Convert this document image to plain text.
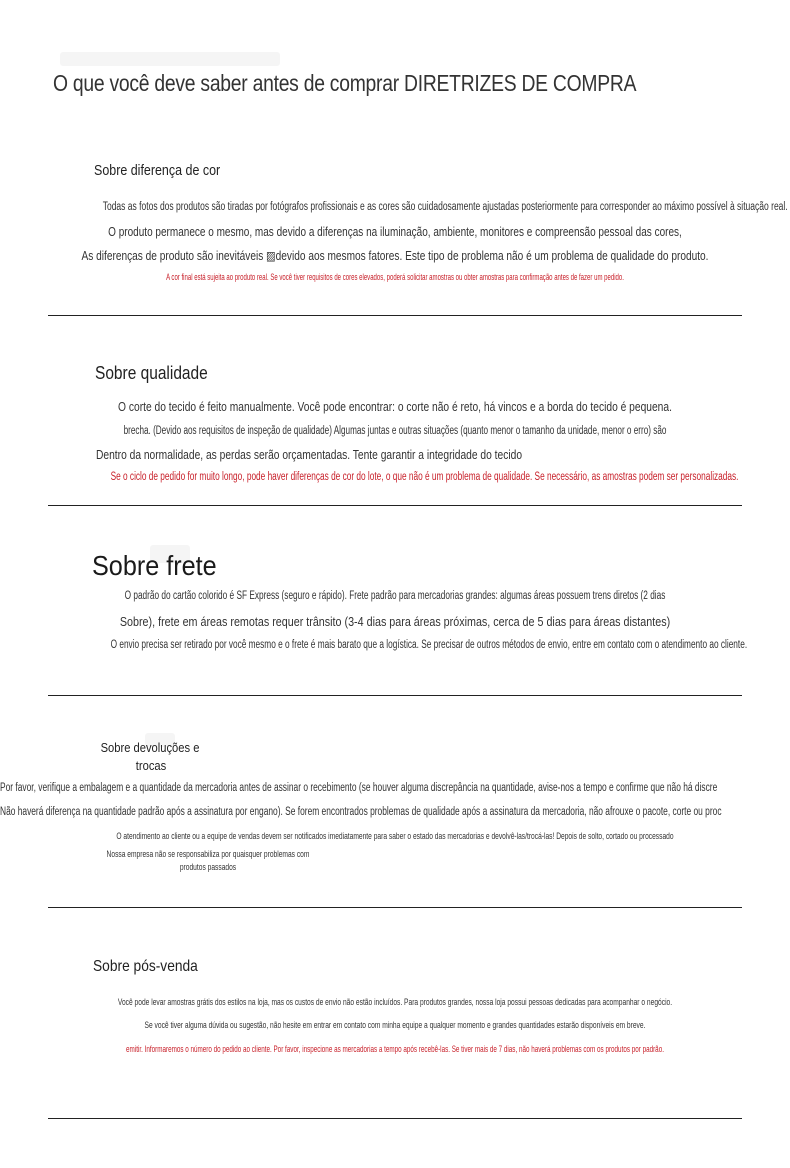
O que você deve saber antes de comprar DIRETRIZES DE COMPRA
Sobre diferença de cor
Todas as fotos dos produtos são tiradas por fotógrafos profissionais e as cores são cuidadosamente ajustadas posteriormente para corresponder ao máximo possível à situação real.
O produto permanece o mesmo, mas devido a diferenças na iluminação, ambiente, monitores e compreensão pessoal das cores,
As diferenças de produto são inevitáveis ▨devido aos mesmos fatores. Este tipo de problema não é um problema de qualidade do produto.
A cor final está sujeita ao produto real. Se você tiver requisitos de cores elevados, poderá solicitar amostras ou obter amostras para confirmação antes de fazer um pedido.
Sobre qualidade
O corte do tecido é feito manualmente. Você pode encontrar: o corte não é reto, há vincos e a borda do tecido é pequena.
brecha. (Devido aos requisitos de inspeção de qualidade) Algumas juntas e outras situações (quanto menor o tamanho da unidade, menor o erro) são
Dentro da normalidade, as perdas serão orçamentadas. Tente garantir a integridade do tecido
Se o ciclo de pedido for muito longo, pode haver diferenças de cor do lote, o que não é um problema de qualidade. Se necessário, as amostras podem ser personalizadas.
Sobre frete
O padrão do cartão colorido é SF Express (seguro e rápido). Frete padrão para mercadorias grandes: algumas áreas possuem trens diretos (2 dias
Sobre), frete em áreas remotas requer trânsito (3-4 dias para áreas próximas, cerca de 5 dias para áreas distantes)
O envio precisa ser retirado por você mesmo e o frete é mais barato que a logística. Se precisar de outros métodos de envio, entre em contato com o atendimento ao cliente.
Sobre devoluções e
trocas
Por favor, verifique a embalagem e a quantidade da mercadoria antes de assinar o recebimento (se houver alguma discrepância na quantidade, avise-nos a tempo e confirme que não há discre
Não haverá diferença na quantidade padrão após a assinatura por engano). Se forem encontrados problemas de qualidade após a assinatura da mercadoria, não afrouxe o pacote, corte ou proc
O atendimento ao cliente ou a equipe de vendas devem ser notificados imediatamente para saber o estado das mercadorias e devolvê-las/trocá-las! Depois de solto, cortado ou processado
Nossa empresa não se responsabiliza por quaisquer problemas com
produtos passados
Sobre pós-venda
Você pode levar amostras grátis dos estilos na loja, mas os custos de envio não estão incluídos. Para produtos grandes, nossa loja possui pessoas dedicadas para acompanhar o negócio.
Se você tiver alguma dúvida ou sugestão, não hesite em entrar em contato com minha equipe a qualquer momento e grandes quantidades estarão disponíveis em breve.
emitir. Informaremos o número do pedido ao cliente. Por favor, inspecione as mercadorias a tempo após recebê-las. Se tiver mais de 7 dias, não haverá problemas com os produtos por padrão.
